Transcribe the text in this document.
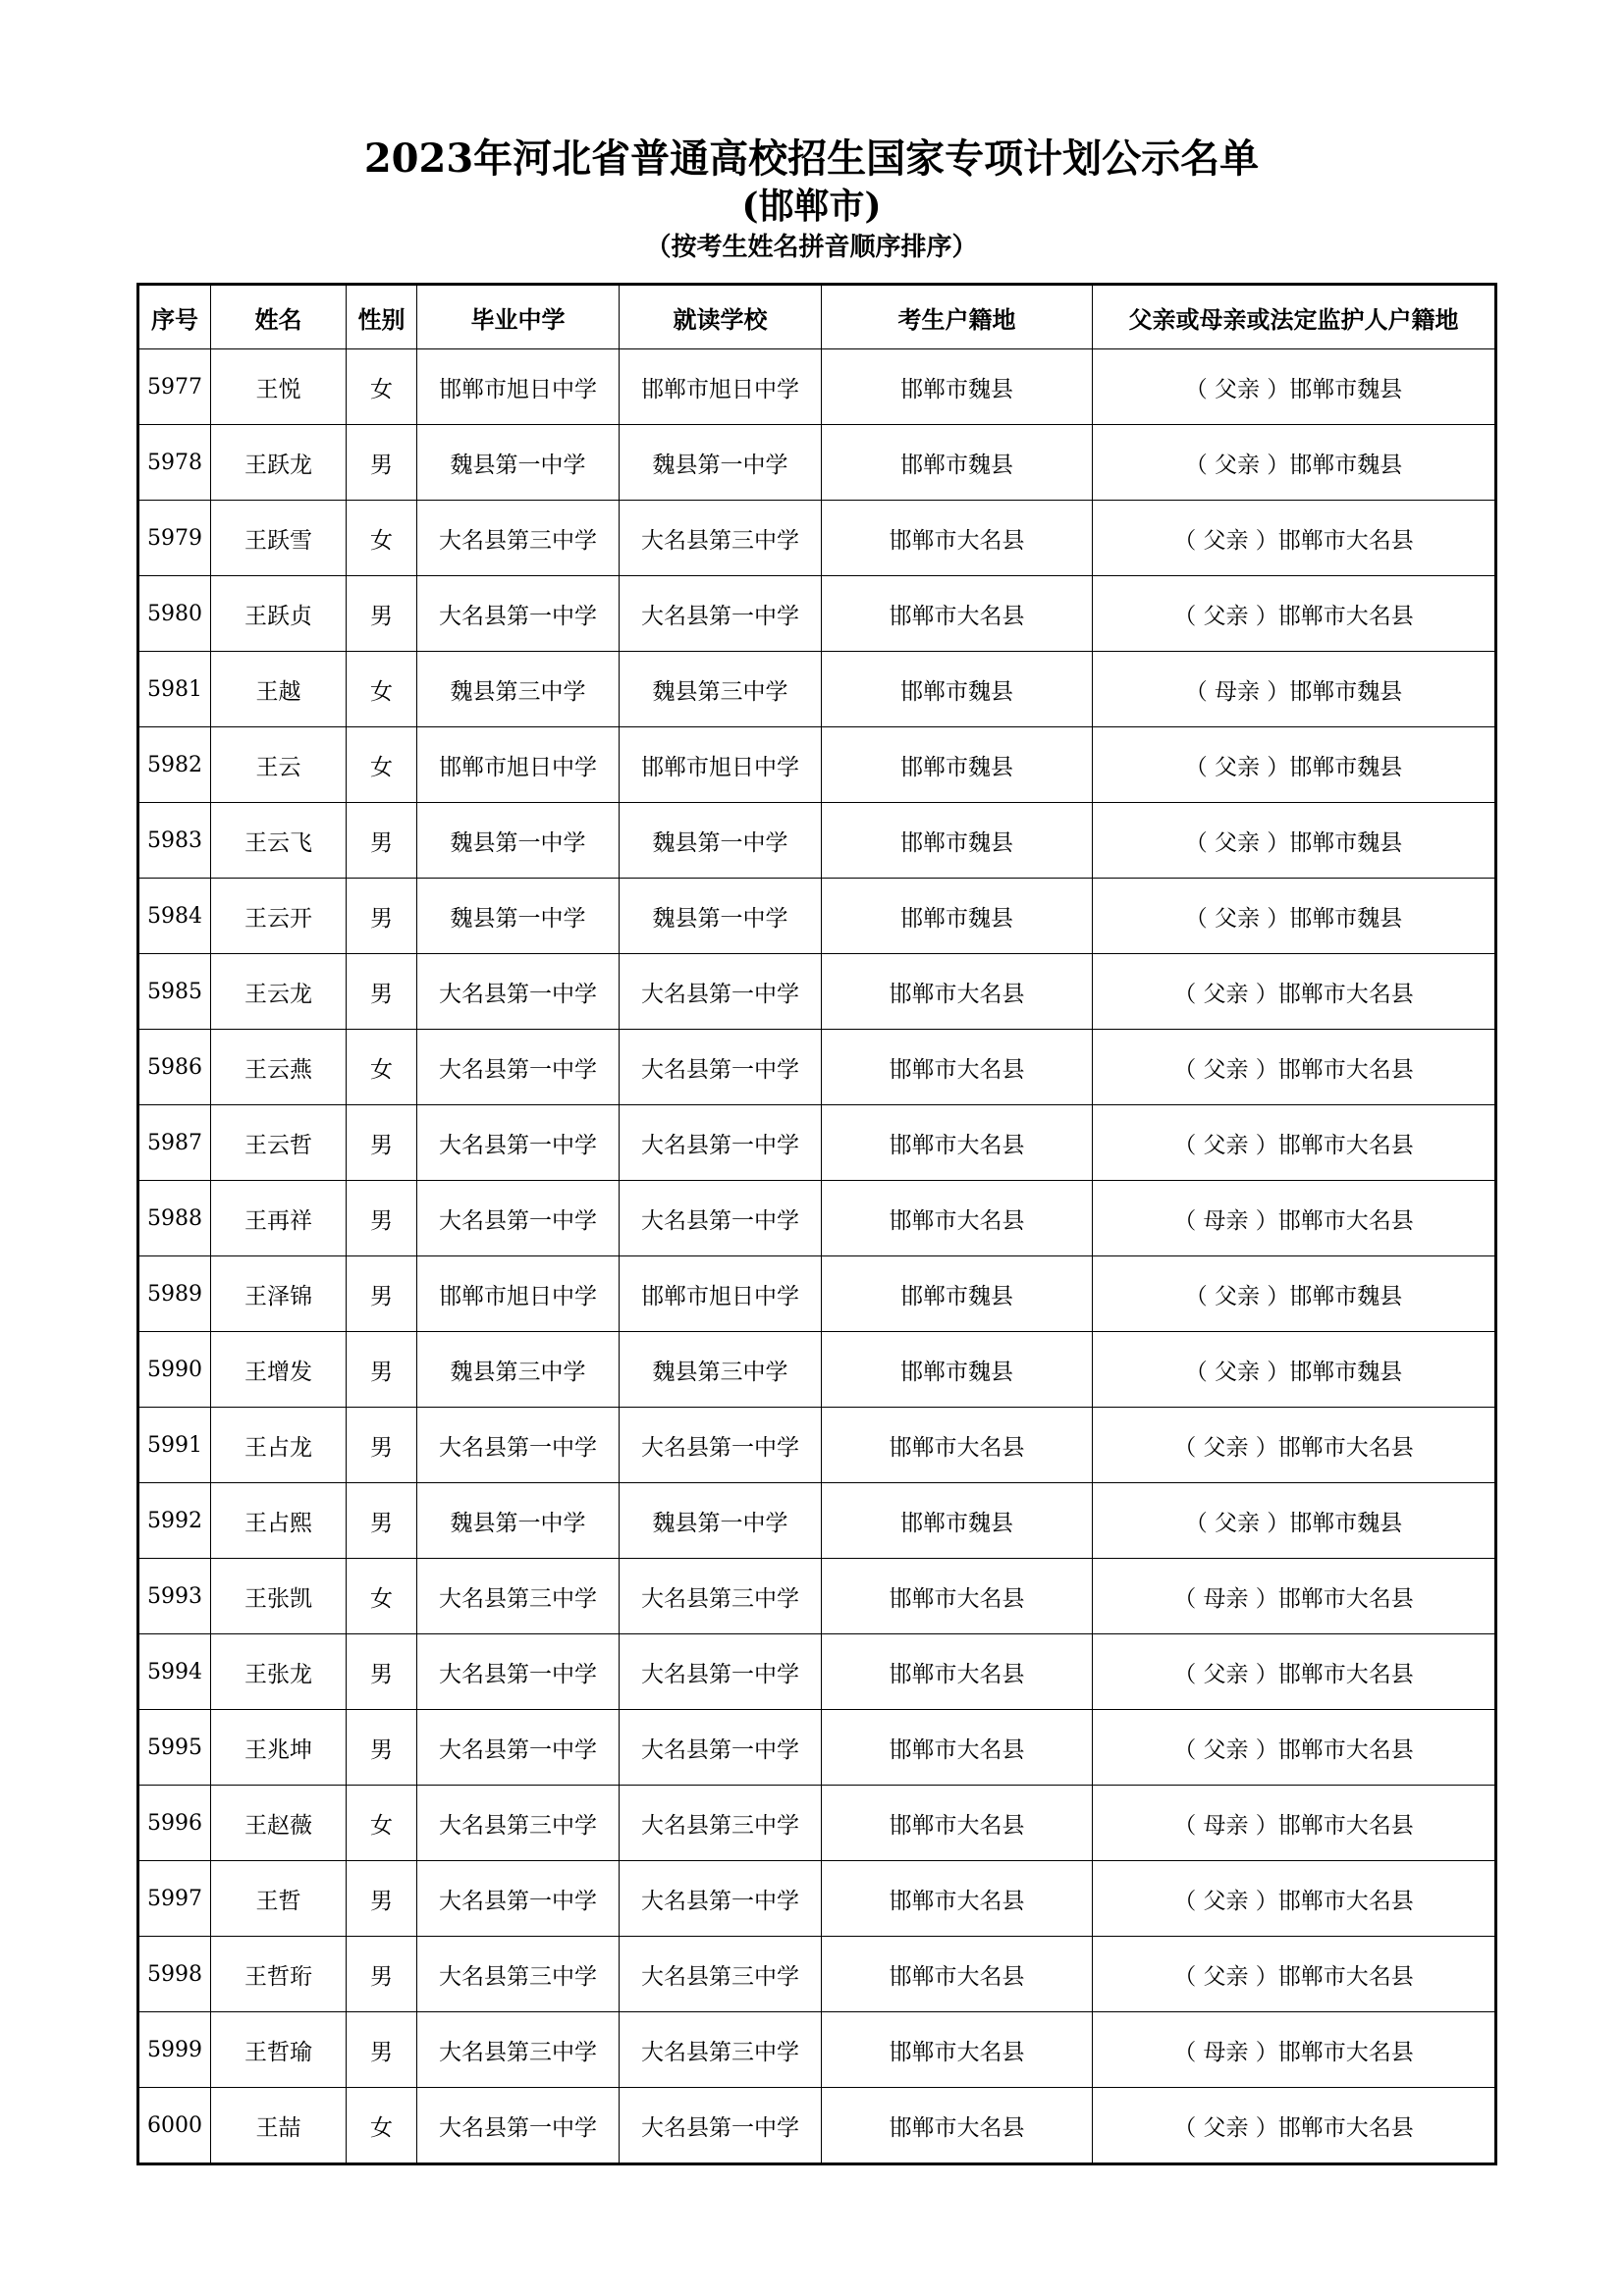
2023年河北省普通高校招生国家专项计划公示名单
(邯郸市)
（按考生姓名拼音顺序排序）
序号	姓名	性别	毕业中学	就读学校	考生户籍地	父亲或母亲或法定监护人户籍地
5977	王悦	女	邯郸市旭日中学	邯郸市旭日中学	邯郸市魏县	（ 父亲 ）邯郸市魏县
5978	王跃龙	男	魏县第一中学	魏县第一中学	邯郸市魏县	（ 父亲 ）邯郸市魏县
5979	王跃雪	女	大名县第三中学	大名县第三中学	邯郸市大名县	（ 父亲 ）邯郸市大名县
5980	王跃贞	男	大名县第一中学	大名县第一中学	邯郸市大名县	（ 父亲 ）邯郸市大名县
5981	王越	女	魏县第三中学	魏县第三中学	邯郸市魏县	（ 母亲 ）邯郸市魏县
5982	王云	女	邯郸市旭日中学	邯郸市旭日中学	邯郸市魏县	（ 父亲 ）邯郸市魏县
5983	王云飞	男	魏县第一中学	魏县第一中学	邯郸市魏县	（ 父亲 ）邯郸市魏县
5984	王云开	男	魏县第一中学	魏县第一中学	邯郸市魏县	（ 父亲 ）邯郸市魏县
5985	王云龙	男	大名县第一中学	大名县第一中学	邯郸市大名县	（ 父亲 ）邯郸市大名县
5986	王云燕	女	大名县第一中学	大名县第一中学	邯郸市大名县	（ 父亲 ）邯郸市大名县
5987	王云哲	男	大名县第一中学	大名县第一中学	邯郸市大名县	（ 父亲 ）邯郸市大名县
5988	王再祥	男	大名县第一中学	大名县第一中学	邯郸市大名县	（ 母亲 ）邯郸市大名县
5989	王泽锦	男	邯郸市旭日中学	邯郸市旭日中学	邯郸市魏县	（ 父亲 ）邯郸市魏县
5990	王增发	男	魏县第三中学	魏县第三中学	邯郸市魏县	（ 父亲 ）邯郸市魏县
5991	王占龙	男	大名县第一中学	大名县第一中学	邯郸市大名县	（ 父亲 ）邯郸市大名县
5992	王占熙	男	魏县第一中学	魏县第一中学	邯郸市魏县	（ 父亲 ）邯郸市魏县
5993	王张凯	女	大名县第三中学	大名县第三中学	邯郸市大名县	（ 母亲 ）邯郸市大名县
5994	王张龙	男	大名县第一中学	大名县第一中学	邯郸市大名县	（ 父亲 ）邯郸市大名县
5995	王兆坤	男	大名县第一中学	大名县第一中学	邯郸市大名县	（ 父亲 ）邯郸市大名县
5996	王赵薇	女	大名县第三中学	大名县第三中学	邯郸市大名县	（ 母亲 ）邯郸市大名县
5997	王哲	男	大名县第一中学	大名县第一中学	邯郸市大名县	（ 父亲 ）邯郸市大名县
5998	王哲珩	男	大名县第三中学	大名县第三中学	邯郸市大名县	（ 父亲 ）邯郸市大名县
5999	王哲瑜	男	大名县第三中学	大名县第三中学	邯郸市大名县	（ 母亲 ）邯郸市大名县
6000	王喆	女	大名县第一中学	大名县第一中学	邯郸市大名县	（ 父亲 ）邯郸市大名县
